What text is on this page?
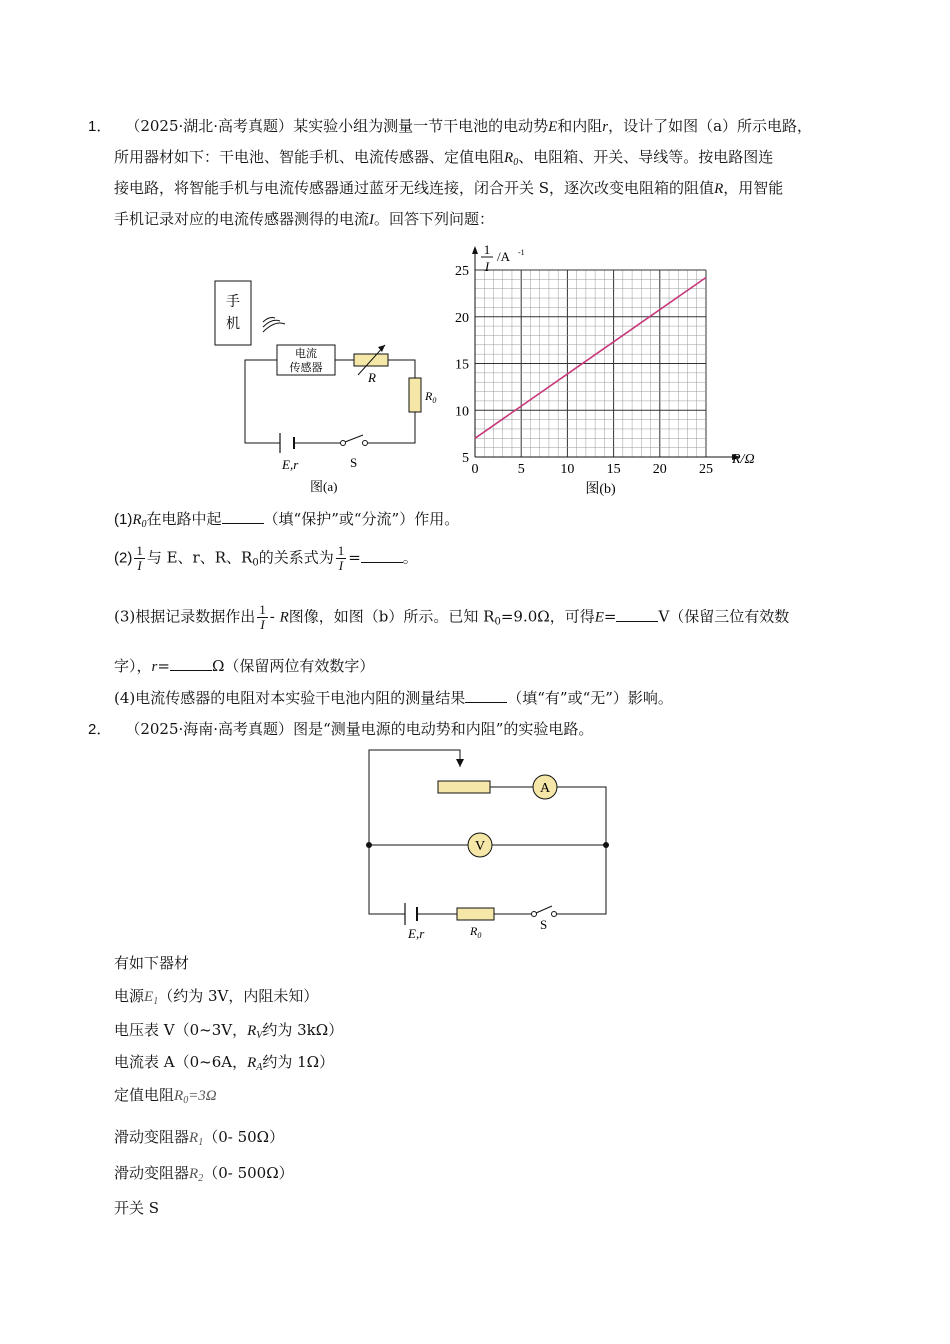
1． （2025·湖北·高考真题）某实验小组为测量一节干电池的电动势E和内阻r，设计了如图（a）所示电路，
所用器材如下：干电池、智能手机、电流传感器、定值电阻$R_0$、电阻箱、开关、导线等。按电路图连
接电路，将智能手机与电流传感器通过蓝牙无线连接，闭合开关 S，逐次改变电阻箱的阻值R，用智能
手机记录对应的电流传感器测得的电流I。回答下列问题：
手
机
电流
传感器
R
$R_0$
E,r	S
图(a)
0	5	10 15 20 25
5
10
15
20
25
R/Ω
1
I
/A -1
图(b)
$(1)R_0$在电路中起	（填“保护”或“分流”）作用。
$(2) \frac{1}{I}$ 与 E、r、R、$R_0$的关系式为 $\frac{1}{I}$ =	。
(3)根据记录数据作出 $\frac{1}{I}$ ‐ R图像，如图（b）所示。已知 $R_0=9.0\Omega$，可得E=	V（保留三位有效数
字），r=	Ω（保留两位有效数字）
(4)电流传感器的电阻对本实验干电池内阻的测量结果	（填“有”或“无”）影响。
2． （2025·海南·高考真题）图是“测量电源的电动势和内阻”的实验电路。
A
V
E,r	$R_0$
S
有如下器材
电源$E_1$（约为 3V，内阻未知）
电压表 V（0~3V，$R_V$约为 3kΩ）
电流表 A（0~6A，$R_A$约为 1Ω）
定值电阻$R_0=3\Omega$
滑动变阻器$R_1(0‐$ 50Ω）
滑动变阻器$R_2(0‐$ 500Ω）
开关 S
